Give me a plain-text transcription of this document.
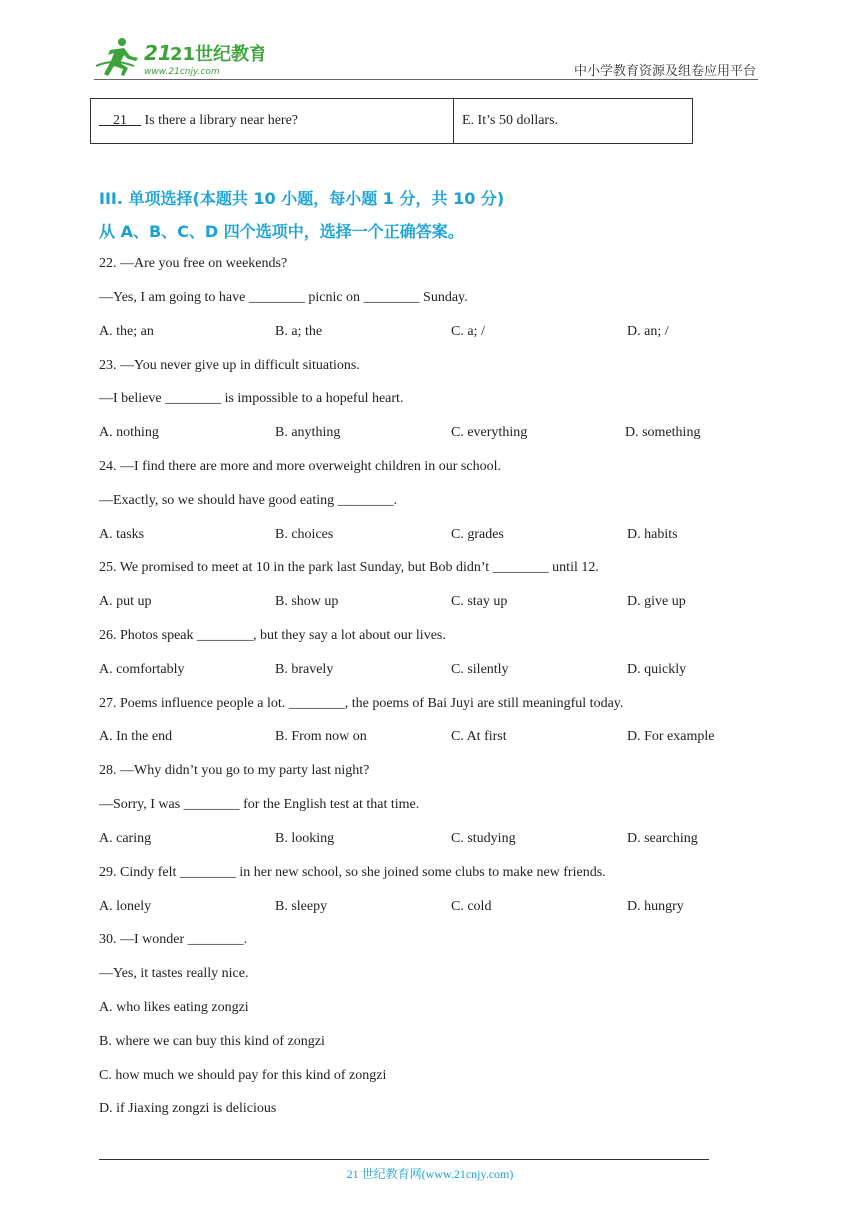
21
21世纪教育
www.21cnjy.com	中小学教育资源及组卷应用平台
21 Is there a library near here?	E. It’s 50 dollars.
III. 单项选择(本题共 10 小题，每小题 1 分，共 10 分)
从 A、B、C、D 四个选项中，选择一个正确答案。
22. —Are you free on weekends?
—Yes, I am going to have ________ picnic on ________ Sunday.
A. the; an	B. a; the	C. a; /	D. an; /
23. —You never give up in difficult situations.
—I believe ________ is impossible to a hopeful heart.
A. nothing	B. anything	C. everything	D. something
24. —I find there are more and more overweight children in our school.
—Exactly, so we should have good eating ________.
A. tasks	B. choices	C. grades	D. habits
25. We promised to meet at 10 in the park last Sunday, but Bob didn’t ________ until 12.
A. put up	B. show up	C. stay up	D. give up
26. Photos speak ________, but they say a lot about our lives.
A. comfortably	B. bravely	C. silently	D. quickly
27. Poems influence people a lot. ________, the poems of Bai Juyi are still meaningful today.
A. In the end	B. From now on	C. At first	D. For example
28. —Why didn’t you go to my party last night?
—Sorry, I was ________ for the English test at that time.
A. caring	B. looking	C. studying	D. searching
29. Cindy felt ________ in her new school, so she joined some clubs to make new friends.
A. lonely	B. sleepy	C. cold	D. hungry
30. —I wonder ________.
—Yes, it tastes really nice.
A. who likes eating zongzi
B. where we can buy this kind of zongzi
C. how much we should pay for this kind of zongzi
D. if Jiaxing zongzi is delicious
21 世纪教育网(www.21cnjy.com)
